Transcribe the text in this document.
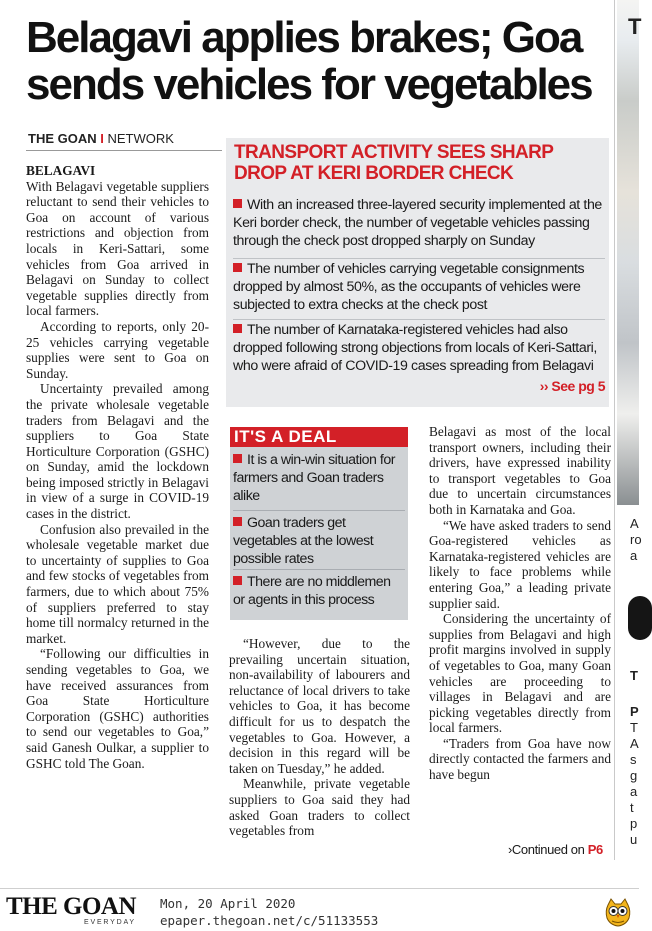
Belagavi applies brakes; Goa sends vehicles for vegetables
THE GOAN I NETWORK

BELAGAVI

With Belagavi vegetable suppliers reluctant to send their vehicles to Goa on account of various restrictions and objection from locals in Keri-Sattari, some vehicles from Goa arrived in Belagavi on Sunday to collect vegetable supplies directly from local farmers.

According to reports, only 20-25 vehicles carrying vegetable supplies were sent to Goa on Sunday.

Uncertainty prevailed among the private wholesale vegetable traders from Belagavi and the suppliers to Goa State Horticulture Corporation (GSHC) on Sunday, amid the lockdown being imposed strictly in Belagavi in view of a surge in COVID-19 cases in the district.

Confusion also prevailed in the wholesale vegetable market due to uncertainty of supplies to Goa and few stocks of vegetables from farmers, due to which about 75% of suppliers preferred to stay home till normalcy returned in the market.

“Following our difficulties in sending vegetables to Goa, we have received assurances from Goa State Horticulture Corporation (GSHC) authorities to send our vegetables to Goa,” said Ganesh Oulkar, a supplier to GSHC told The Goan.

TRANSPORT ACTIVITY SEES SHARP DROP AT KERI BORDER CHECK
With an increased three-layered security implemented at the Keri border check, the number of vegetable vehicles passing through the check post dropped sharply on Sunday
The number of vehicles carrying vegetable consignments dropped by almost 50%, as the occupants of vehicles were subjected to extra checks at the check post
The number of Karnataka-registered vehicles had also dropped following strong objections from locals of Keri-Sattari, who were afraid of COVID-19 cases spreading from Belagavi
›› See pg 5
IT'S A DEAL
It is a win-win situation for farmers and Goan traders alike
Goan traders get vegetables at the lowest possible rates
There are no middlemen or agents in this process

“However, due to the prevailing uncertain situation, non-availability of labourers and reluctance of local drivers to take vehicles to Goa, it has become difficult for us to despatch the vegetables to Goa. However, a decision in this regard will be taken on Tuesday,” he added.

Meanwhile, private vegetable suppliers to Goa said they had asked Goan traders to collect vegetables from

Belagavi as most of the local transport owners, including their drivers, have expressed inability to transport vegetables to Goa due to uncertain circumstances both in Karnataka and Goa.

“We have asked traders to send Goa-registered vehicles as Karnataka-registered vehicles are likely to face problems while entering Goa,” a leading private supplier said.

Considering the uncertainty of supplies from Belagavi and high profit margins involved in supply of vegetables to Goa, many Goan vehicles are proceeding to villages in Belagavi and are picking vegetables directly from local farmers.

“Traders from Goa have now directly contacted the farmers and have begun

›Continued on P6
T
A
ro
a
T
P
T
A
s
g
a
t
p
u
THE GOAN
EVERYDAY
Mon, 20 April 2020
epaper.thegoan.net/c/51133553
